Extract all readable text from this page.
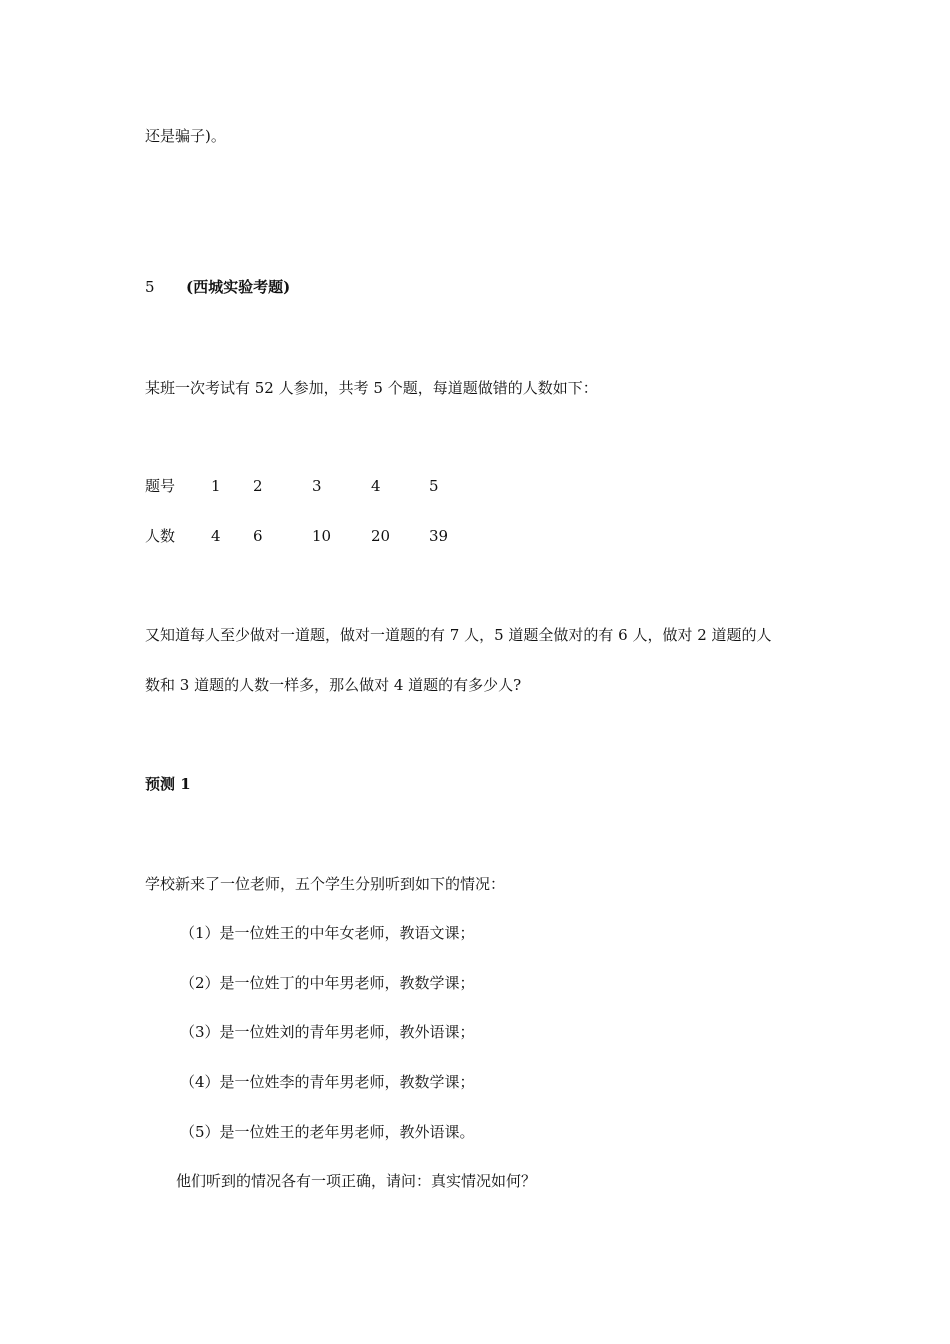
还是骗子)。
5 (西城实验考题)
某班一次考试有 52 人参加，共考 5 个题，每道题做错的人数如下：
题号 1 2	3	4	5
人数 4 6	10	20	39
又知道每人至少做对一道题，做对一道题的有 7 人，5 道题全做对的有 6 人，做对 2 道题的人
数和 3 道题的人数一样多，那么做对 4 道题的有多少人?
预测 1
学校新来了一位老师，五个学生分别听到如下的情况：
（1）是一位姓王的中年女老师，教语文课；
（2）是一位姓丁的中年男老师，教数学课；
（3）是一位姓刘的青年男老师，教外语课；
（4）是一位姓李的青年男老师，教数学课；
（5）是一位姓王的老年男老师，教外语课。
他们听到的情况各有一项正确，请问：真实情况如何？
